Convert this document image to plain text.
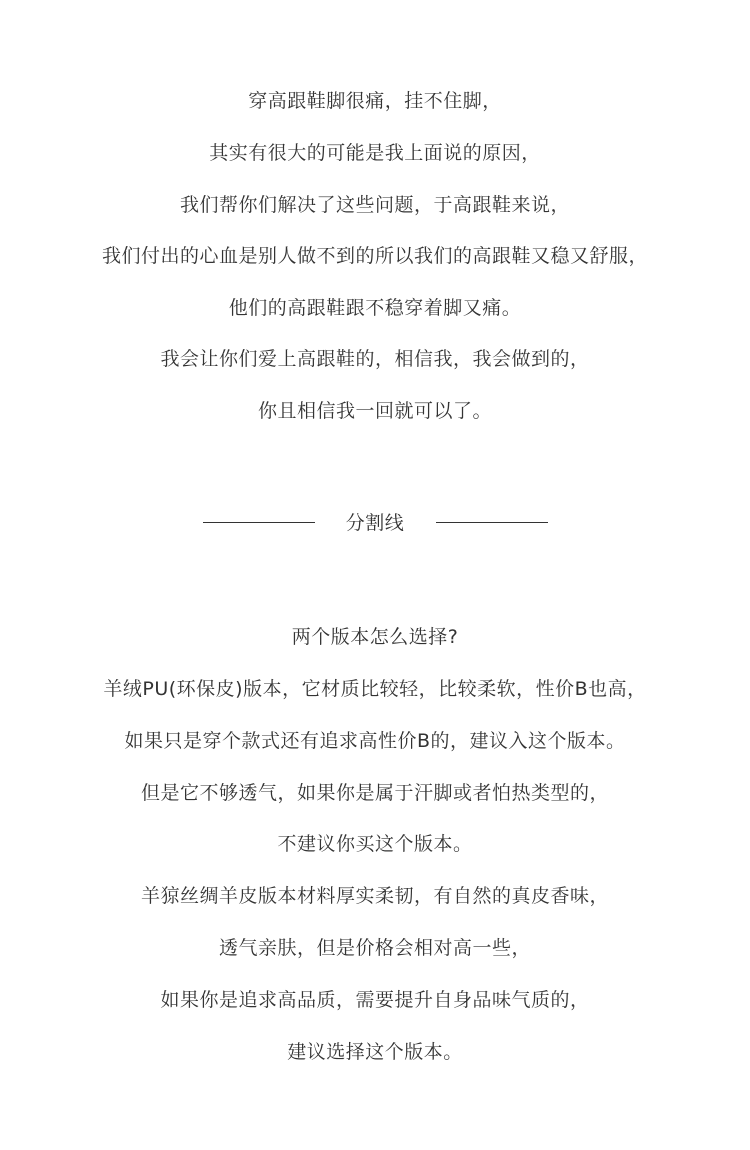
穿高跟鞋脚很痛，挂不住脚，
其实有很大的可能是我上面说的原因，
我们帮你们解决了这些问题，于高跟鞋来说，
我们付出的心血是别人做不到的所以我们的高跟鞋又稳又舒服，
他们的高跟鞋跟不稳穿着脚又痛。
我会让你们爱上高跟鞋的，相信我，我会做到的，
你且相信我一回就可以了。
分割线
两个版本怎么选择?
羊绒PU(环保皮)版本，它材质比较轻，比较柔软，性价B也高，
如果只是穿个款式还有追求高性价B的，建议入这个版本。
但是它不够透气，如果你是属于汗脚或者怕热类型的，
不建议你买这个版本。
羊猄丝绸羊皮版本材料厚实柔韧，有自然的真皮香味，
透气亲肤，但是价格会相对高一些，
如果你是追求高品质，需要提升自身品味气质的，
建议选择这个版本。
